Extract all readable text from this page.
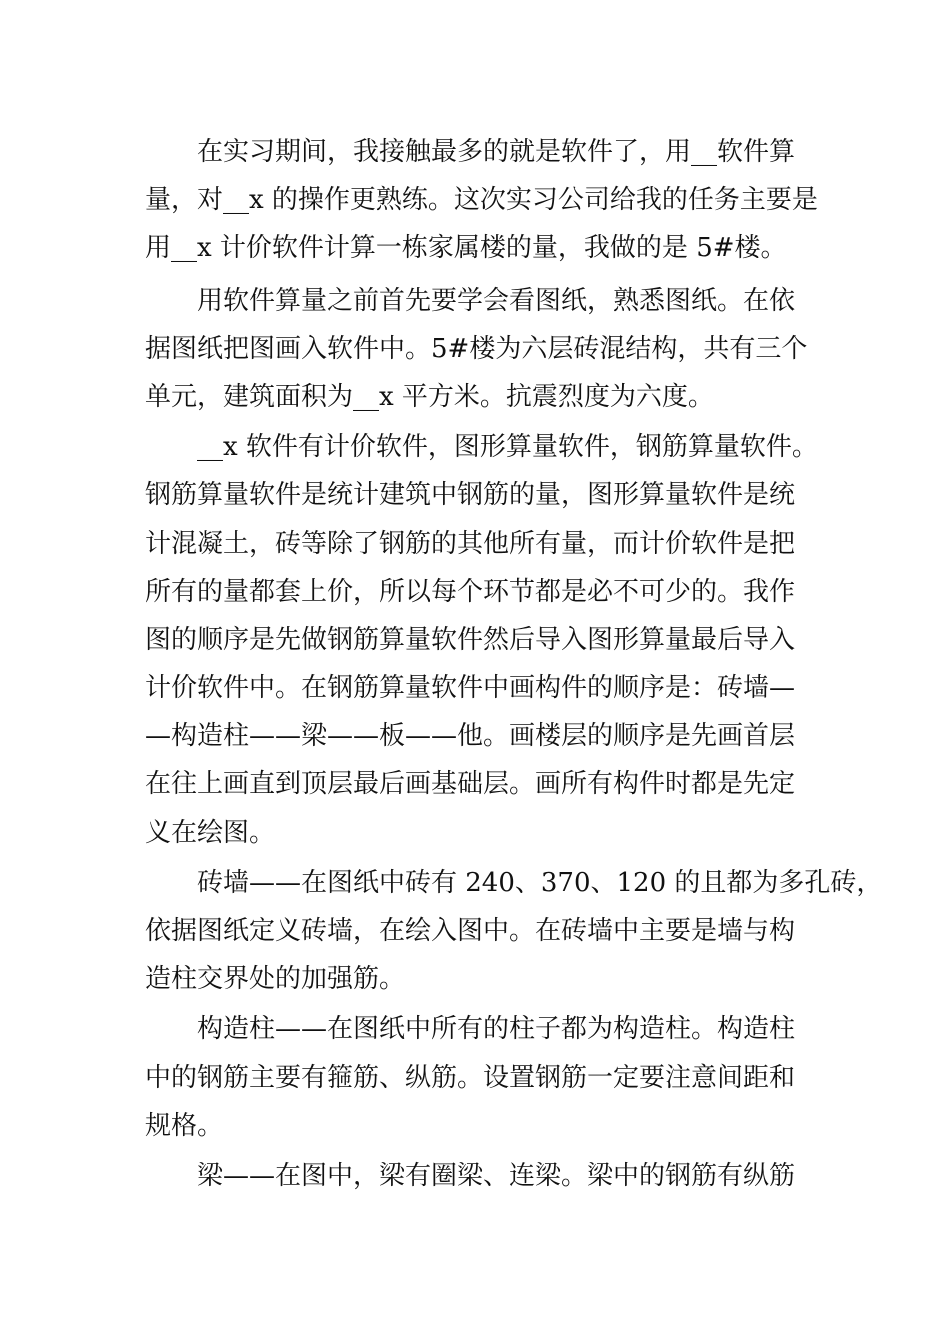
在实习期间，我接触最多的就是软件了，用__软件算
量，对__x 的操作更熟练。这次实习公司给我的任务主要是
用__x 计价软件计算一栋家属楼的量，我做的是 5#楼。
用软件算量之前首先要学会看图纸，熟悉图纸。在依
据图纸把图画入软件中。5#楼为六层砖混结构，共有三个
单元，建筑面积为__x 平方米。抗震烈度为六度。
__x 软件有计价软件，图形算量软件，钢筋算量软件。
钢筋算量软件是统计建筑中钢筋的量，图形算量软件是统
计混凝土，砖等除了钢筋的其他所有量，而计价软件是把
所有的量都套上价，所以每个环节都是必不可少的。我作
图的顺序是先做钢筋算量软件然后导入图形算量最后导入
计价软件中。在钢筋算量软件中画构件的顺序是：砖墙—
—构造柱——梁——板——他。画楼层的顺序是先画首层
在往上画直到顶层最后画基础层。画所有构件时都是先定
义在绘图。
砖墙——在图纸中砖有 240、370、120 的且都为多孔砖，
依据图纸定义砖墙，在绘入图中。在砖墙中主要是墙与构
造柱交界处的加强筋。
构造柱——在图纸中所有的柱子都为构造柱。构造柱
中的钢筋主要有箍筋、纵筋。设置钢筋一定要注意间距和
规格。
梁——在图中，梁有圈梁、连梁。梁中的钢筋有纵筋
